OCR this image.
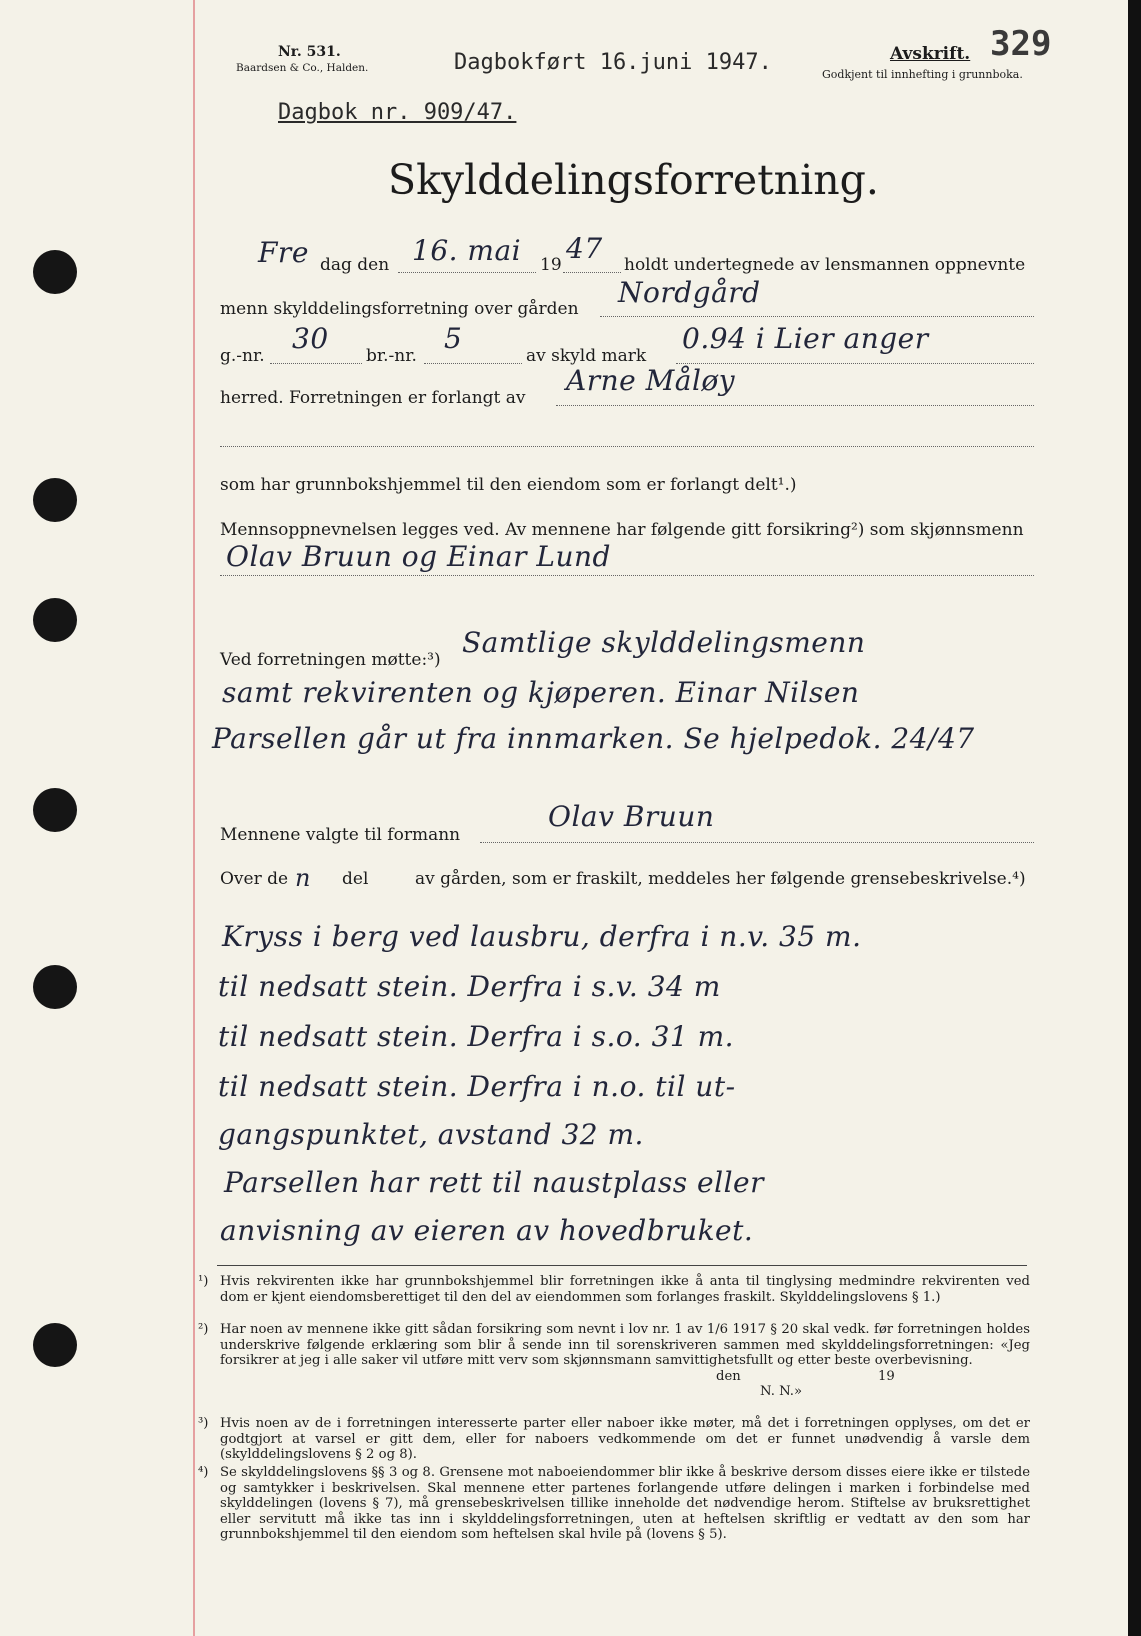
Nr. 531.
Baardsen & Co., Halden.	Dagbokført 16.juni 1947.	Avskrift.
Godkjent til innhefting i grunnboka.
329
Dagbok nr. 909/47.
Skylddelingsforretning.
Fre dag den 16. mai 19 47 holdt undertegnede av lensmannen oppnevnte
menn skylddelingsforretning over gården Nordgård
g.-nr.
30
br.-nr.
5
av skyld mark
0.94 i Lier anger
herred. Forretningen er forlangt av
Arne Måløy
som har grunnbokshjemmel til den eiendom som er forlangt delt¹.)
Mennsoppnevnelsen legges ved. Av mennene har følgende gitt forsikring²) som skjønnsmenn
Olav Bruun og Einar Lund
Ved forretningen møtte:³)
Samtlige skylddelingsmenn
samt rekvirenten og kjøperen. Einar Nilsen
Parsellen går ut fra innmarken. Se hjelpedok. 24/47
Mennene valgte til formann
Olav Bruun
Over de n del	av gården, som er fraskilt, meddeles her følgende grensebeskrivelse.⁴)
Kryss i berg ved lausbru, derfra i n.v. 35 m.
til nedsatt stein. Derfra i s.v. 34 m
til nedsatt stein. Derfra i s.o. 31 m.
til nedsatt stein. Derfra i n.o. til ut-
gangspunktet, avstand 32 m.
Parsellen har rett til naustplass eller
anvisning av eieren av hovedbruket.
¹) Hvis rekvirenten ikke har grunnbokshjemmel blir forretningen ikke å anta til tinglysing medmindre rekvirenten ved dom er kjent eiendomsberettiget til den del av eiendommen som forlanges fraskilt. Skylddelingslovens § 1.)

²) Har noen av mennene ikke gitt sådan forsikring som nevnt i lov nr. 1 av 1/6 1917 § 20 skal vedk. før forretningen holdes underskrive følgende erklæring som blir å sende inn til sorenskriveren sammen med skylddelingsforretningen: «Jeg forsikrer at jeg i alle saker vil utføre mitt verv som skjønnsmann samvittighetsfullt og etter beste overbevisning.

den	19
N. N.»
³) Hvis noen av de i forretningen interesserte parter eller naboer ikke møter, må det i forretningen opplyses, om det er godtgjort at varsel er gitt dem, eller for naboers vedkommende om det er funnet unødvendig å varsle dem (skylddelingslovens § 2 og 8).

⁴) Se skylddelingslovens §§ 3 og 8. Grensene mot naboeiendommer blir ikke å beskrive dersom disses eiere ikke er tilstede og samtykker i beskrivelsen. Skal mennene etter partenes forlangende utføre delingen i marken i forbindelse med skylddelingen (lovens § 7), må grensebeskrivelsen tillike inneholde det nødvendige herom. Stiftelse av bruksrettighet eller servitutt må ikke tas inn i skylddelingsforretningen, uten at heftelsen skriftlig er vedtatt av den som har grunnbokshjemmel til den eiendom som heftelsen skal hvile på (lovens § 5).
